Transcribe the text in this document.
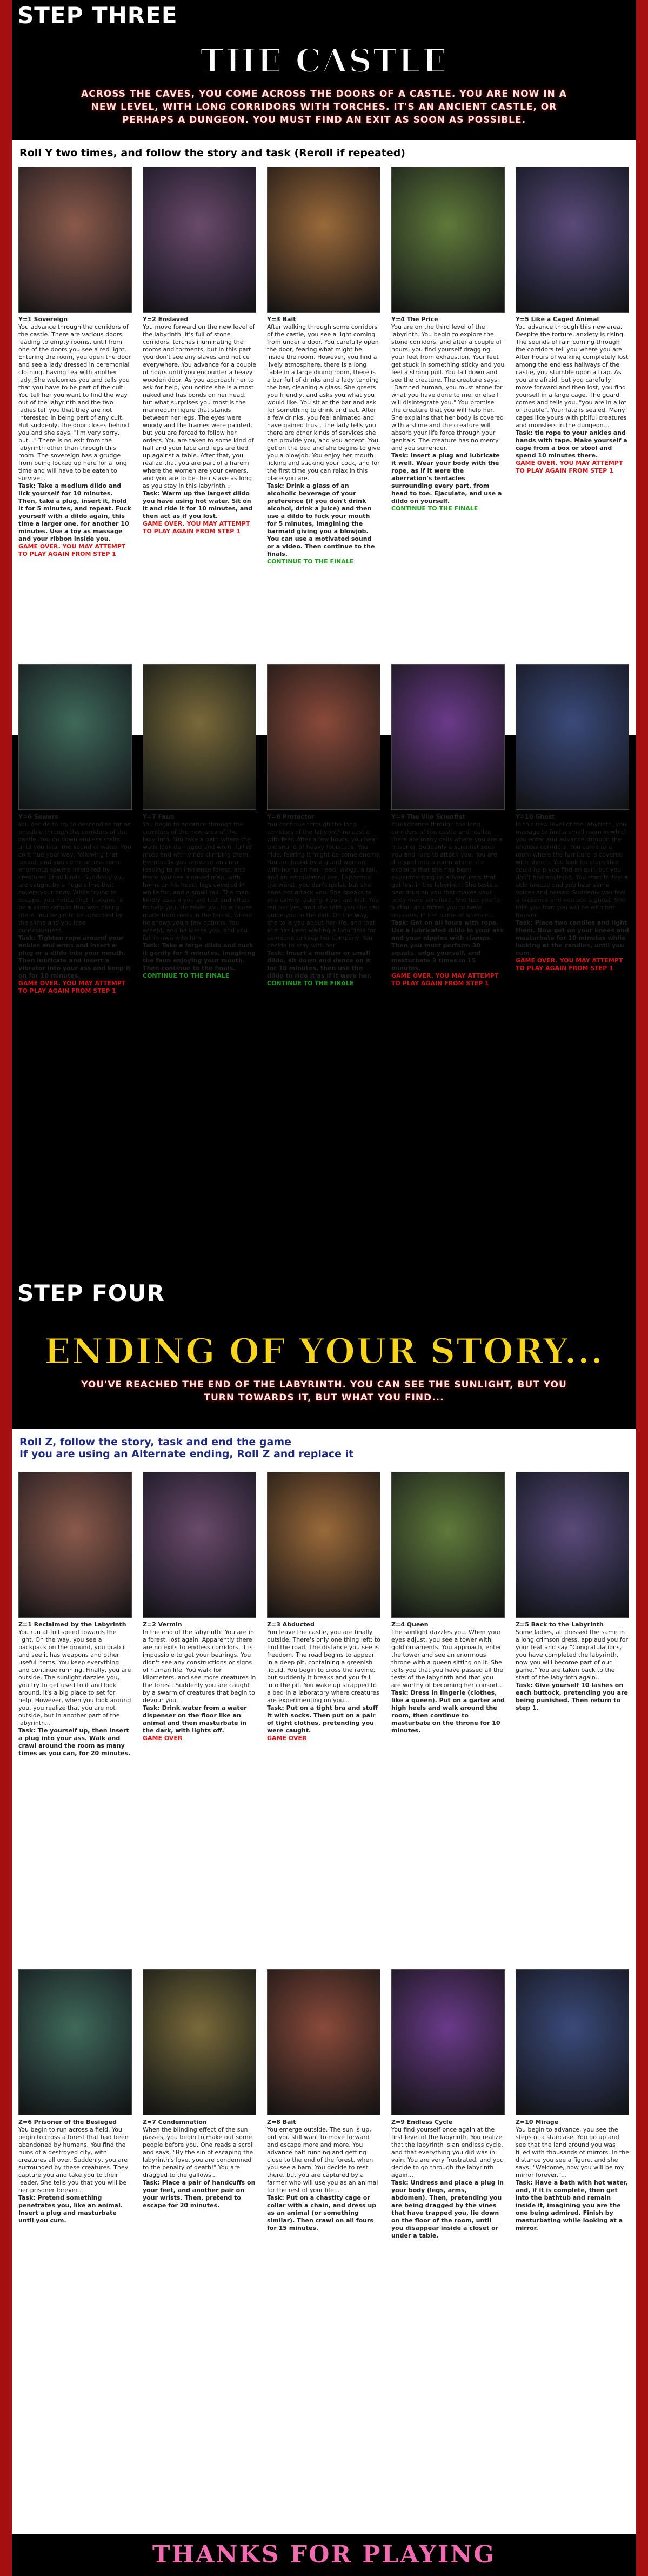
STEP THREE
THE CASTLE
ACROSS THE CAVES, YOU COME ACROSS THE DOORS OF A CASTLE. YOU ARE NOW IN A NEW LEVEL, WITH LONG CORRIDORS WITH TORCHES. IT'S AN ANCIENT CASTLE, OR PERHAPS A DUNGEON. YOU MUST FIND AN EXIT AS SOON AS POSSIBLE.
Roll Y two times, and follow the story and task (Reroll if repeated)
Y=1 Sovereign
You advance through the corridors of the castle. There are various doors leading to empty rooms, until from one of the doors you see a red light. Entering the room, you open the door and see a lady dressed in ceremonial clothing, having tea with another lady. She welcomes you and tells you that you have to be part of the cult. You tell her you want to find the way out of the labyrinth and the two ladies tell you that they are not interested in being part of any cult. But suddenly, the door closes behind you and she says, "I'm very sorry, but..." There is no exit from the labyrinth other than through this room. The sovereign has a grudge from being locked up here for a long time and will have to be eaten to survive...
Task: Take a medium dildo and lick yourself for 10 minutes. Then, take a plug, insert it, hold it for 5 minutes, and repeat. Fuck yourself with a dildo again, this time a larger one, for another 10 minutes. Use a toy as massage and your ribbon inside you.
GAME OVER. YOU MAY ATTEMPT TO PLAY AGAIN FROM STEP 1
Y=2 Enslaved
You move forward on the new level of the labyrinth. It's full of stone corridors, torches illuminating the rooms and torments, but in this part you don't see any slaves and notice everywhere. You advance for a couple of hours until you encounter a heavy wooden door. As you approach her to ask for help, you notice she is almost naked and has bonds on her head, but what surprises you most is the mannequin figure that stands between her legs. The eyes were woody and the frames were painted, but you are forced to follow her orders. You are taken to some kind of hall and your face and legs are tied up against a table. After that, you realize that you are part of a harem where the women are your owners, and you are to be their slave as long as you stay in this labyrinth...
Task: Warm up the largest dildo you have using hot water. Sit on it and ride it for 10 minutes, and then act as if you lost.
GAME OVER. YOU MAY ATTEMPT TO PLAY AGAIN FROM STEP 1
Y=3 Bait
After walking through some corridors of the castle, you see a light coming from under a door. You carefully open the door, fearing what might be inside the room. However, you find a lively atmosphere, there is a long table in a large dining room, there is a bar full of drinks and a lady tending the bar, cleaning a glass. She greets you friendly, and asks you what you would like. You sit at the bar and ask for something to drink and eat. After a few drinks, you feel animated and have gained trust. The lady tells you there are other kinds of services she can provide you, and you accept. You get on the bed and she begins to give you a blowjob. You enjoy her mouth licking and sucking your cock, and for the first time you can relax in this place you are.
Task: Drink a glass of an alcoholic beverage of your preference (if you don't drink alcohol, drink a juice) and then use a dildo to fuck your mouth for 5 minutes, imagining the barmaid giving you a blowjob. You can use a motivated sound or a video. Then continue to the finals.
CONTINUE TO THE FINALE
Y=4 The Price
You are on the third level of the labyrinth. You begin to explore the stone corridors, and after a couple of hours, you find yourself dragging your feet from exhaustion. Your feet get stuck in something sticky and you feel a strong pull. You fall down and see the creature. The creature says: "Damned human, you must atone for what you have done to me, or else I will disintegrate you." You promise the creature that you will help her. She explains that her body is covered with a slime and the creature will absorb your life force through your genitals. The creature has no mercy and you surrender.
Task: Insert a plug and lubricate it well. Wear your body with the rope, as if it were the aberration's tentacles surrounding every part, from head to toe. Ejaculate, and use a dildo on yourself.
CONTINUE TO THE FINALE
Y=5 Like a Caged Animal
You advance through this new area. Despite the torture, anxiety is rising. The sounds of rain coming through the corridors tell you where you are. After hours of walking completely lost among the endless hallways of the castle, you stumble upon a trap. As you are afraid, but you carefully move forward and then lost, you find yourself in a large cage. The guard comes and tells you, "you are in a lot of trouble". Your fate is sealed. Many cages like yours with pitiful creatures and monsters in the dungeon...
Task: tie rope to your ankles and hands with tape. Make yourself a cage from a box or stool and spend 10 minutes there.
GAME OVER. YOU MAY ATTEMPT TO PLAY AGAIN FROM STEP 1
Y=6 Sewers
You decide to try to descend as far as possible through the corridors of the castle. You go down endless stairs until you hear the sound of water. You continue your way, following that sound, and you come across some enormous sewers inhabited by creatures of all kinds. Suddenly you are caught by a huge slime that covers your body. While trying to escape, you notice that it seems to be a slime demon that was hiding there. You begin to be absorbed by the slime and you lose consciousness.
Task: Tighten rope around your ankles and arms and insert a plug or a dildo into your mouth. Then lubricate and insert a vibrator into your ass and keep it on for 10 minutes.
GAME OVER. YOU MAY ATTEMPT TO PLAY AGAIN FROM STEP 1
Y=7 Faun
You begin to advance through the corridors of the new area of the labyrinth. You take a path where the walls look damaged and worn, full of moss and with vines climbing them. Eventually you arrive at an area leading to an immense forest, and there you see a naked man, with horns on his head, legs covered in white fur, and a small tail. The man kindly asks if you are lost and offers to help you. He takes you to a house made from roots in the forest, where he shows you a few options. You accept, and he kisses you, and you fall in love with him.
Task: Take a large dildo and suck it gently for 5 minutes, imagining the faun enjoying your mouth. Then continue to the finals.
CONTINUE TO THE FINALE
Y=8 Protector
You continue through the long corridors of the labyrinthine castle with fear. After a few hours, you hear the sound of heavy footsteps. You hide, fearing it might be some enemy. You are found by a guard woman, with horns on her head, wings, a tail, and an intimidating axe. Expecting the worst, you don't resist, but she does not attack you. She speaks to you calmly, asking if you are lost. You tell her yes, and she tells you she can guide you to the exit. On the way, she tells you about her life, and that she has been waiting a long time for someone to keep her company. You decide to stay with her.
Task: Insert a medium or small dildo, sit down and dance on it for 10 minutes, then use the dildo to ride it as if it were her.
CONTINUE TO THE FINALE
Y=9 The Vile Scientist
You advance through the long corridors of the castle and realize there are many cells where you are a prisoner. Suddenly a scientist sees you and runs to attack you. You are dragged into a room where she explains that she has been experimenting on adventurers that get lost in the labyrinth. She tests a new drug on you that makes your body more sensitive. She ties you to a chair and forces you to have orgasms, in the name of science...
Task: Get on all fours with rope. Use a lubricated dildo in your ass and your nipples with clamps. Then you must perform 30 squats, edge yourself, and masturbate 3 times in 15 minutes.
GAME OVER. YOU MAY ATTEMPT TO PLAY AGAIN FROM STEP 1
Y=10 Ghost
In this new level of the labyrinth, you manage to find a small room in which you enter and advance through the endless corridors. You come to a room where the furniture is covered with sheets. You look for clues that could help you find an exit, but you don't find anything. You start to feel a cold breeze and you hear some voices and noises. Suddenly you feel a presence and you see a ghost. She tells you that you will be with her forever.
Task: Place two candles and light them. Now get on your knees and masturbate for 10 minutes while looking at the candles, until you cum.
GAME OVER. YOU MAY ATTEMPT TO PLAY AGAIN FROM STEP 1
STEP FOUR
ENDING OF YOUR STORY...
YOU'VE REACHED THE END OF THE LABYRINTH. YOU CAN SEE THE SUNLIGHT, BUT YOU TURN TOWARDS IT, BUT WHAT YOU FIND...
Roll Z, follow the story, task and end the game
If you are using an Alternate ending, Roll Z and replace it
Z=1 Reclaimed by the Labyrinth
You run at full speed towards the light. On the way, you see a backpack on the ground, you grab it and see it has weapons and other useful items. You keep everything and continue running. Finally, you are outside. The sunlight dazzles you, you try to get used to it and look around. It's a big place to set for help. However, when you look around you, you realize that you are not outside, but in another part of the labyrinth...
Task: Tie yourself up, then insert a plug into your ass. Walk and crawl around the room as many times as you can, for 20 minutes.
Z=2 Vermin
In the end of the labyrinth! You are in a forest, lost again. Apparently there are no exits to endless corridors, it is impossible to get your bearings. You didn't see any constructions or signs of human life. You walk for kilometers, and see more creatures in the forest. Suddenly you are caught by a swarm of creatures that begin to devour you...
Task: Drink water from a water dispenser on the floor like an animal and then masturbate in the dark, with lights off.
GAME OVER
Z=3 Abducted
You leave the castle, you are finally outside. There's only one thing left: to find the road. The distance you see is freedom. The road begins to appear in a deep pit, containing a greenish liquid. You begin to cross the ravine, but suddenly it breaks and you fall into the pit. You wake up strapped to a bed in a laboratory where creatures are experimenting on you...
Task: Put on a tight bra and stuff it with socks. Then put on a pair of tight clothes, pretending you were caught.
GAME OVER
Z=4 Queen
The sunlight dazzles you. When your eyes adjust, you see a tower with gold ornaments. You approach, enter the tower and see an enormous throne with a queen sitting on it. She tells you that you have passed all the tests of the labyrinth and that you are worthy of becoming her consort...
Task: Dress in lingerie (clothes, like a queen). Put on a garter and high heels and walk around the room, then continue to masturbate on the throne for 10 minutes.
Z=5 Back to the Labyrinth
Some ladies, all dressed the same in a long crimson dress, applaud you for your feat and say "Congratulations, you have completed the labyrinth, now you will become part of our game." You are taken back to the start of the labyrinth again...
Task: Give yourself 10 lashes on each buttock, pretending you are being punished. Then return to step 1.
Z=6 Prisoner of the Besieged
You begin to run across a field. You begin to cross a forest that had been abandoned by humans. You find the ruins of a destroyed city, with creatures all over. Suddenly, you are surrounded by these creatures. They capture you and take you to their leader. She tells you that you will be her prisoner forever...
Task: Pretend something penetrates you, like an animal. Insert a plug and masturbate until you cum.
Z=7 Condemnation
When the blinding effect of the sun passes, you begin to make out some people before you. One reads a scroll, and says, "By the sin of escaping the labyrinth's love, you are condemned to the penalty of death!" You are dragged to the gallows...
Task: Place a pair of handcuffs on your feet, and another pair on your wrists. Then, pretend to escape for 20 minutes.
Z=8 Bait
You emerge outside. The sun is up, but you still want to move forward and escape more and more. You advance half running and getting close to the end of the forest, when you see a barn. You decide to rest there, but you are captured by a farmer who will use you as an animal for the rest of your life...
Task: Put on a chastity cage or collar with a chain, and dress up as an animal (or something similar). Then crawl on all fours for 15 minutes.
Z=9 Endless Cycle
You find yourself once again at the first level of the labyrinth. You realize that the labyrinth is an endless cycle, and that everything you did was in vain. You are very frustrated, and you decide to go through the labyrinth again...
Task: Undress and place a plug in your body (legs, arms, abdomen). Then, pretending you are being dragged by the vines that have trapped you, lie down on the floor of the room, until you disappear inside a closet or under a table.
Z=10 Mirage
You begin to advance, you see the steps of a staircase. You go up and see that the land around you was filled with thousands of mirrors. In the distance you see a figure, and she says: "Welcome, now you will be my mirror forever."...
Task: Have a bath with hot water, and, if it is complete, then get into the bathtub and remain inside it, imagining you are the one being admired. Finish by masturbating while looking at a mirror.
THANKS FOR PLAYING
